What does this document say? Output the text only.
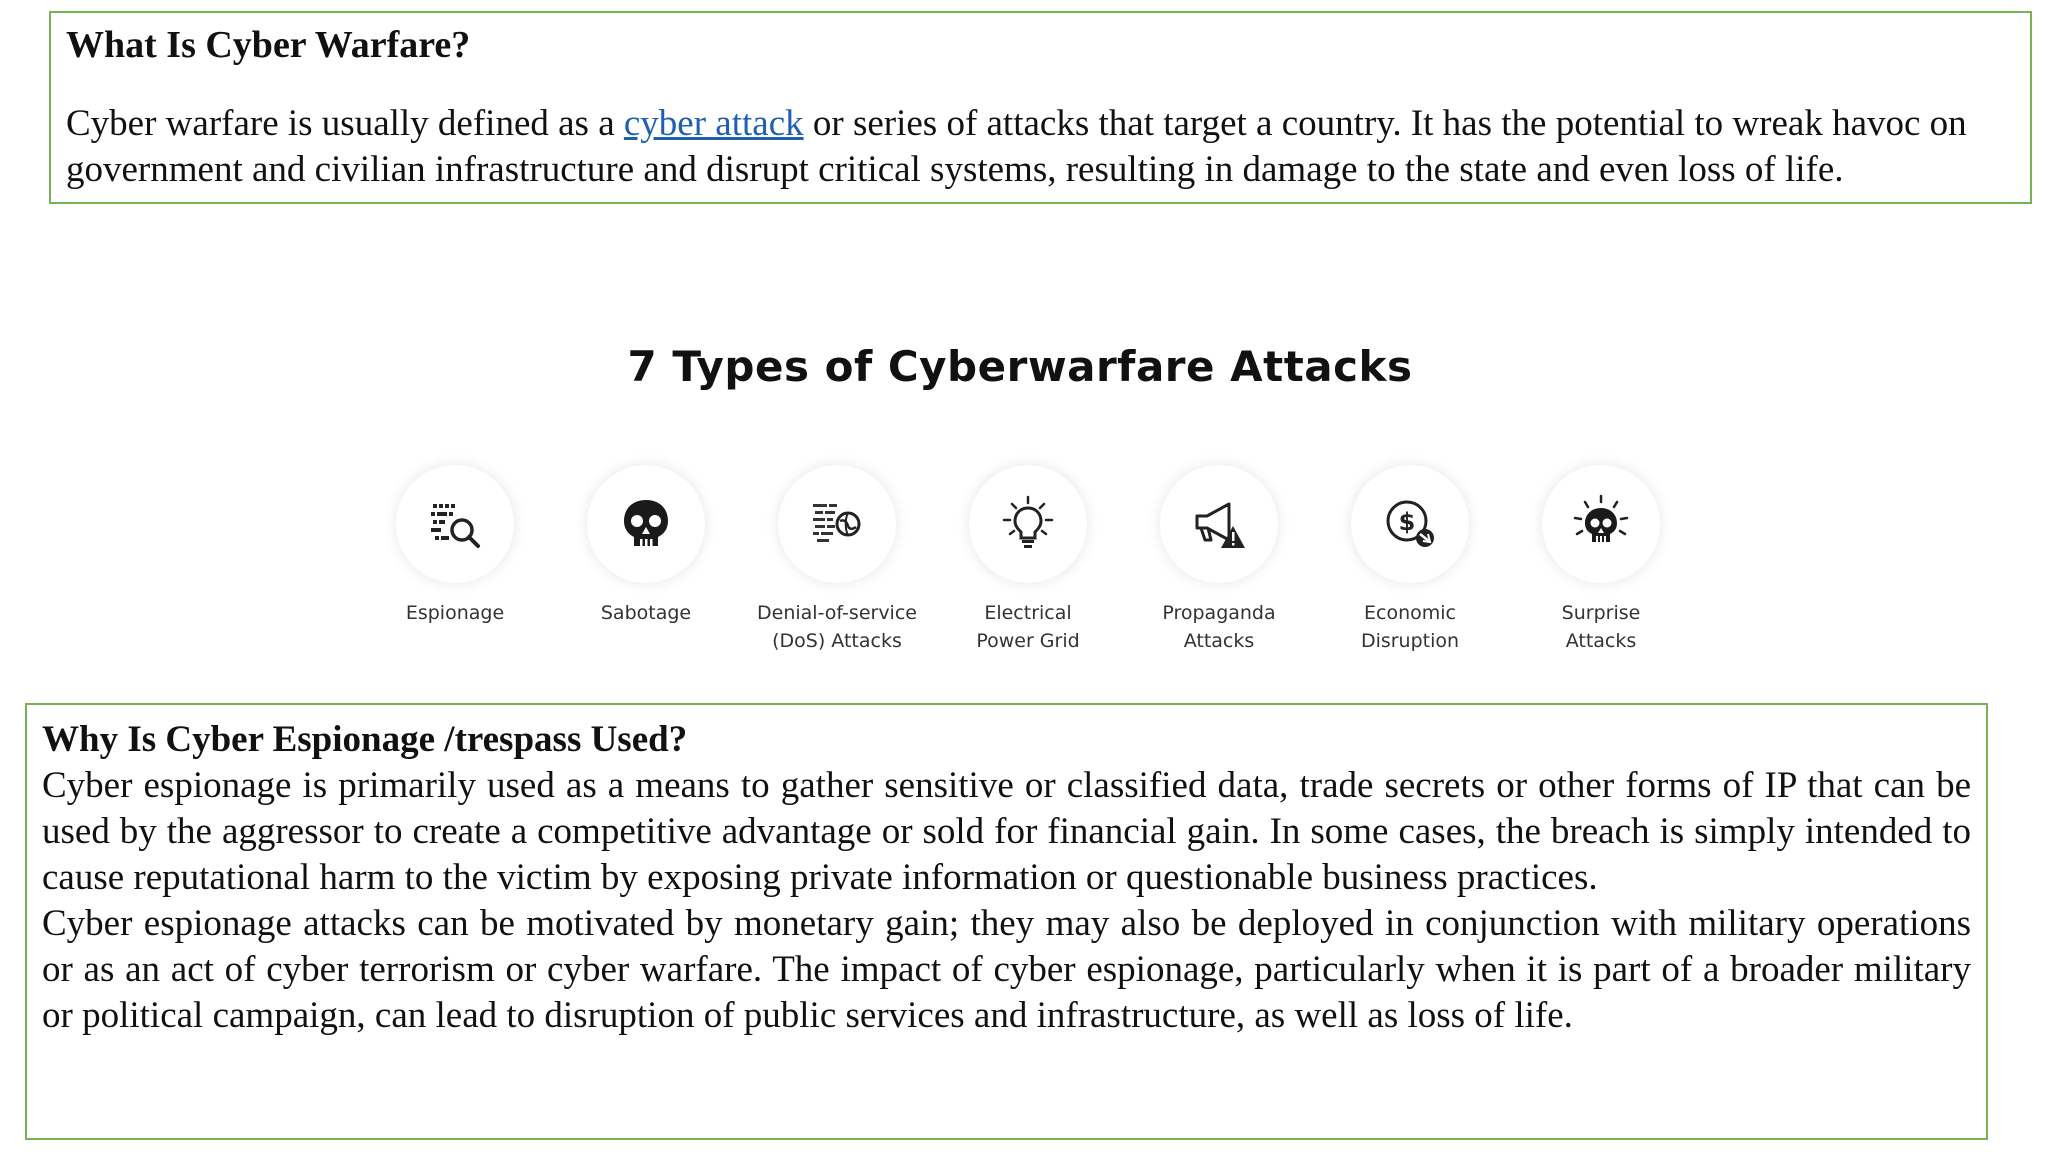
What Is Cyber Warfare?

Cyber warfare is usually defined as a cyber attack or series of attacks that target a country. It has the potential to wreak havoc on government and civilian infrastructure and disrupt critical systems, resulting in damage to the state and even loss of life.

7 Types of Cyberwarfare Attacks
Espionage	Sabotage	Denial-of-service
(DoS) Attacks
Electrical
Power Grid
Propaganda
Attacks
$
Economic
Disruption
Surprise
Attacks

Why Is Cyber Espionage /trespass Used?

Cyber espionage is primarily used as a means to gather sensitive or classified data, trade secrets or other forms of IP that can be used by the aggressor to create a competitive advantage or sold for financial gain. In some cases, the breach is simply intended to cause reputational harm to the victim by exposing private information or questionable business practices.

Cyber espionage attacks can be motivated by monetary gain; they may also be deployed in conjunction with military operations or as an act of cyber terrorism or cyber warfare. The impact of cyber espionage, particularly when it is part of a broader military or political campaign, can lead to disruption of public services and infrastructure, as well as loss of life.
